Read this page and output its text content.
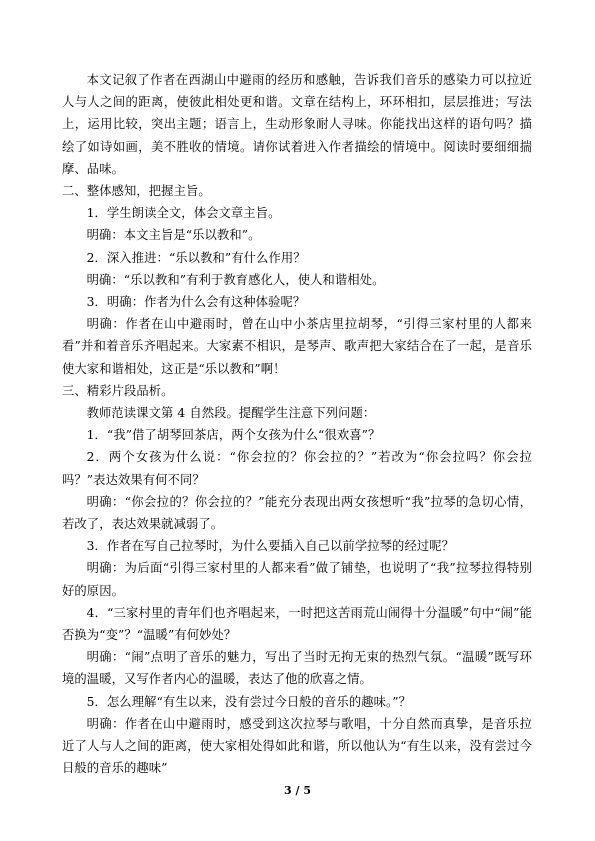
本文记叙了作者在西湖山中避雨的经历和感触，告诉我们音乐的感染力可以拉近人与人之间的距离，使彼此相处更和谐。文章在结构上，环环相扣，层层推进；写法上，运用比较，突出主题；语言上，生动形象耐人寻味。你能找出这样的语句吗？描绘了如诗如画，美不胜收的情境。请你试着进入作者描绘的情境中。阅读时要细细揣摩、品味。

二、整体感知，把握主旨。

1．学生朗读全文，体会文章主旨。

明确：本文主旨是“乐以教和”。

2．深入推进：“乐以教和”有什么作用？

明确：“乐以教和”有利于教育感化人，使人和谐相处。

3．明确：作者为什么会有这种体验呢？

明确：作者在山中避雨时，曾在山中小茶店里拉胡琴，“引得三家村里的人都来看”并和着音乐齐唱起来。大家素不相识，是琴声、歌声把大家结合在了一起，是音乐使大家和谐相处，这正是“乐以教和”啊！

三、精彩片段品析。

教师范读课文第 4 自然段。提醒学生注意下列问题：

1．“我”借了胡琴回茶店，两个女孩为什么“很欢喜”？

2．两个女孩为什么说：“你会拉的？你会拉的？”若改为“你会拉吗？你会拉吗？”表达效果有何不同？

明确：“你会拉的？你会拉的？”能充分表现出两女孩想听“我”拉琴的急切心情，若改了，表达效果就减弱了。

3．作者在写自己拉琴时，为什么要插入自己以前学拉琴的经过呢？

明确：为后面“引得三家村里的人都来看”做了铺垫，也说明了“我”拉琴拉得特别好的原因。

4．“三家村里的青年们也齐唱起来，一时把这苦雨荒山闹得十分温暖”句中“闹”能否换为“变”？“温暖”有何妙处？

明确：“闹”点明了音乐的魅力，写出了当时无拘无束的热烈气氛。“温暖”既写环境的温暖，又写作者内心的温暖，表达了他的欣喜之情。

5．怎么理解“有生以来，没有尝过今日般的音乐的趣味。”？

明确：作者在山中避雨时，感受到这次拉琴与歌唱，十分自然而真挚，是音乐拉近了人与人之间的距离，使大家相处得如此和谐，所以他认为“有生以来，没有尝过今日般的音乐的趣味”

3 / 5
